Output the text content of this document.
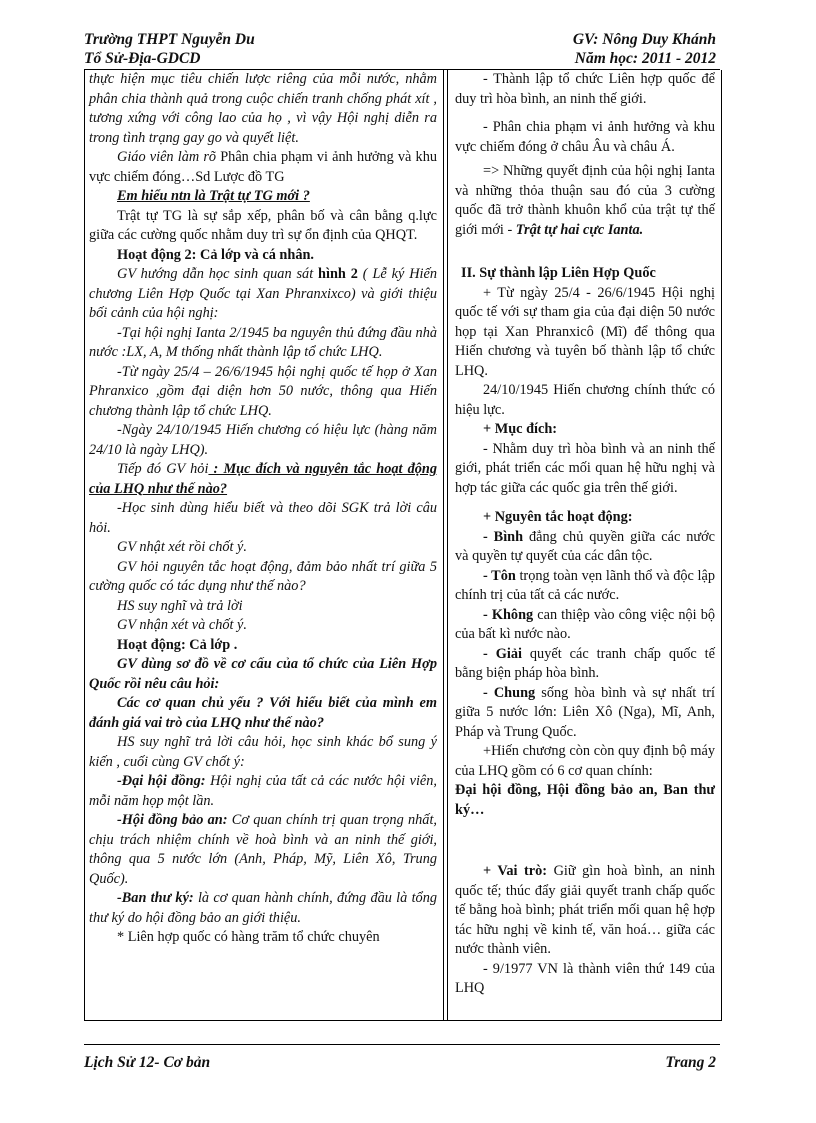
Trường THPT Nguyễn Du	GV: Nông Duy Khánh
Tổ Sử-Địa-GDCD	Năm học: 2011 - 2012

thực hiện mục tiêu chiến lược riêng của mỗi nước, nhằm phân chia thành quả trong cuộc chiến tranh chống phát xít , tương xứng với công lao của họ , vì vậy Hội nghị diễn ra trong tình trạng gay go và quyết liệt.

Giáo viên làm rõ Phân chia phạm vi ảnh hưởng và khu vực chiếm đóng…Sd Lược đồ TG

Em hiểu ntn là Trật tự TG mới ?

Trật tự TG là sự sắp xếp, phân bố và cân bằng q.lực giữa các cường quốc nhằm duy trì sự ổn định của QHQT.

Hoạt động 2: Cả lớp và cá nhân.

GV hướng dẫn học sinh quan sát hình 2 ( Lễ ký Hiến chương Liên Hợp Quốc tại Xan Phranxixco) và giới thiệu bối cảnh của hội nghị:

-Tại hội nghị Ianta 2/1945 ba nguyên thủ đứng đầu nhà nước :LX, A, M thống nhất thành lập tổ chức LHQ.

-Từ ngày 25/4 – 26/6/1945 hội nghị quốc tế họp ở Xan Phranxico ,gồm đại diện hơn 50 nước, thông qua Hiến chương thành lập tổ chức LHQ.

-Ngày 24/10/1945 Hiến chương có hiệu lực (hàng năm 24/10 là ngày LHQ).

Tiếp đó GV hỏi : Mục đích và nguyên tắc hoạt động của LHQ như thế nào?

-Học sinh dùng hiểu biết và theo dõi SGK trả lời câu hỏi.

GV nhật xét rồi chốt ý.

GV hỏi nguyên tắc hoạt động, đảm bảo nhất trí giữa 5 cường quốc có tác dụng như thế nào?

HS suy nghĩ và trả lời

GV nhận xét và chốt ý.

Hoạt động: Cả lớp .

GV dùng sơ đồ về cơ cấu của tổ chức của Liên Hợp Quốc rồi nêu câu hỏi:

Các cơ quan chủ yếu ? Với hiểu biết của mình em đánh giá vai trò của LHQ như thế nào?

HS suy nghĩ trả lời câu hỏi, học sinh khác bổ sung ý kiến , cuối cùng GV chốt ý:

-Đại hội đồng: Hội nghị của tất cả các nước hội viên, mỗi năm họp một lần.

-Hội đồng bảo an: Cơ quan chính trị quan trọng nhất, chịu trách nhiệm chính về hoà bình và an ninh thế giới, thông qua 5 nước lớn (Anh, Pháp, Mỹ, Liên Xô, Trung Quốc).

-Ban thư ký: là cơ quan hành chính, đứng đầu là tổng thư ký do hội đồng bảo an giới thiệu.

* Liên hợp quốc có hàng trăm tổ chức chuyên

- Thành lập tổ chức Liên hợp quốc để duy trì hòa bình, an ninh thế giới.

- Phân chia phạm vi ảnh hưởng và khu vực chiếm đóng ở châu Âu và châu Á.

=> Những quyết định của hội nghị Ianta và những thỏa thuận sau đó của 3 cường quốc đã trở thành khuôn khổ của trật tự thế giới mới - Trật tự hai cực Ianta.

II. Sự thành lập Liên Hợp Quốc

+ Từ ngày 25/4 - 26/6/1945 Hội nghị quốc tế với sự tham gia của đại diện 50 nước họp tại Xan Phranxicô (Mĩ) để thông qua Hiến chương và tuyên bố thành lập tổ chức LHQ.

24/10/1945 Hiến chương chính thức có hiệu lực.

+ Mục đích:

- Nhằm duy trì hòa bình và an ninh thế giới, phát triển các mối quan hệ hữu nghị và hợp tác giữa các quốc gia trên thế giới.

+ Nguyên tắc hoạt động:

- Bình đẳng chủ quyền giữa các nước và quyền tự quyết của các dân tộc.

- Tôn trọng toàn vẹn lãnh thổ và độc lập chính trị của tất cả các nước.

- Không can thiệp vào công việc nội bộ của bất kì nước nào.

- Giải quyết các tranh chấp quốc tế bằng biện pháp hòa bình.

- Chung sống hòa bình và sự nhất trí giữa 5 nước lớn: Liên Xô (Nga), Mĩ, Anh, Pháp và Trung Quốc.

+Hiến chương còn còn quy định bộ máy của LHQ gồm có 6 cơ quan chính:

Đại hội đồng, Hội đồng bảo an, Ban thư ký…

+ Vai trò: Giữ gìn hoà bình, an ninh quốc tế; thúc đẩy giải quyết tranh chấp quốc tế bằng hoà bình; phát triển mối quan hệ hợp tác hữu nghị về kinh tế, văn hoá… giữa các nước thành viên.

- 9/1977 VN là thành viên thứ 149 của LHQ

Lịch Sử 12- Cơ bản	Trang 2
